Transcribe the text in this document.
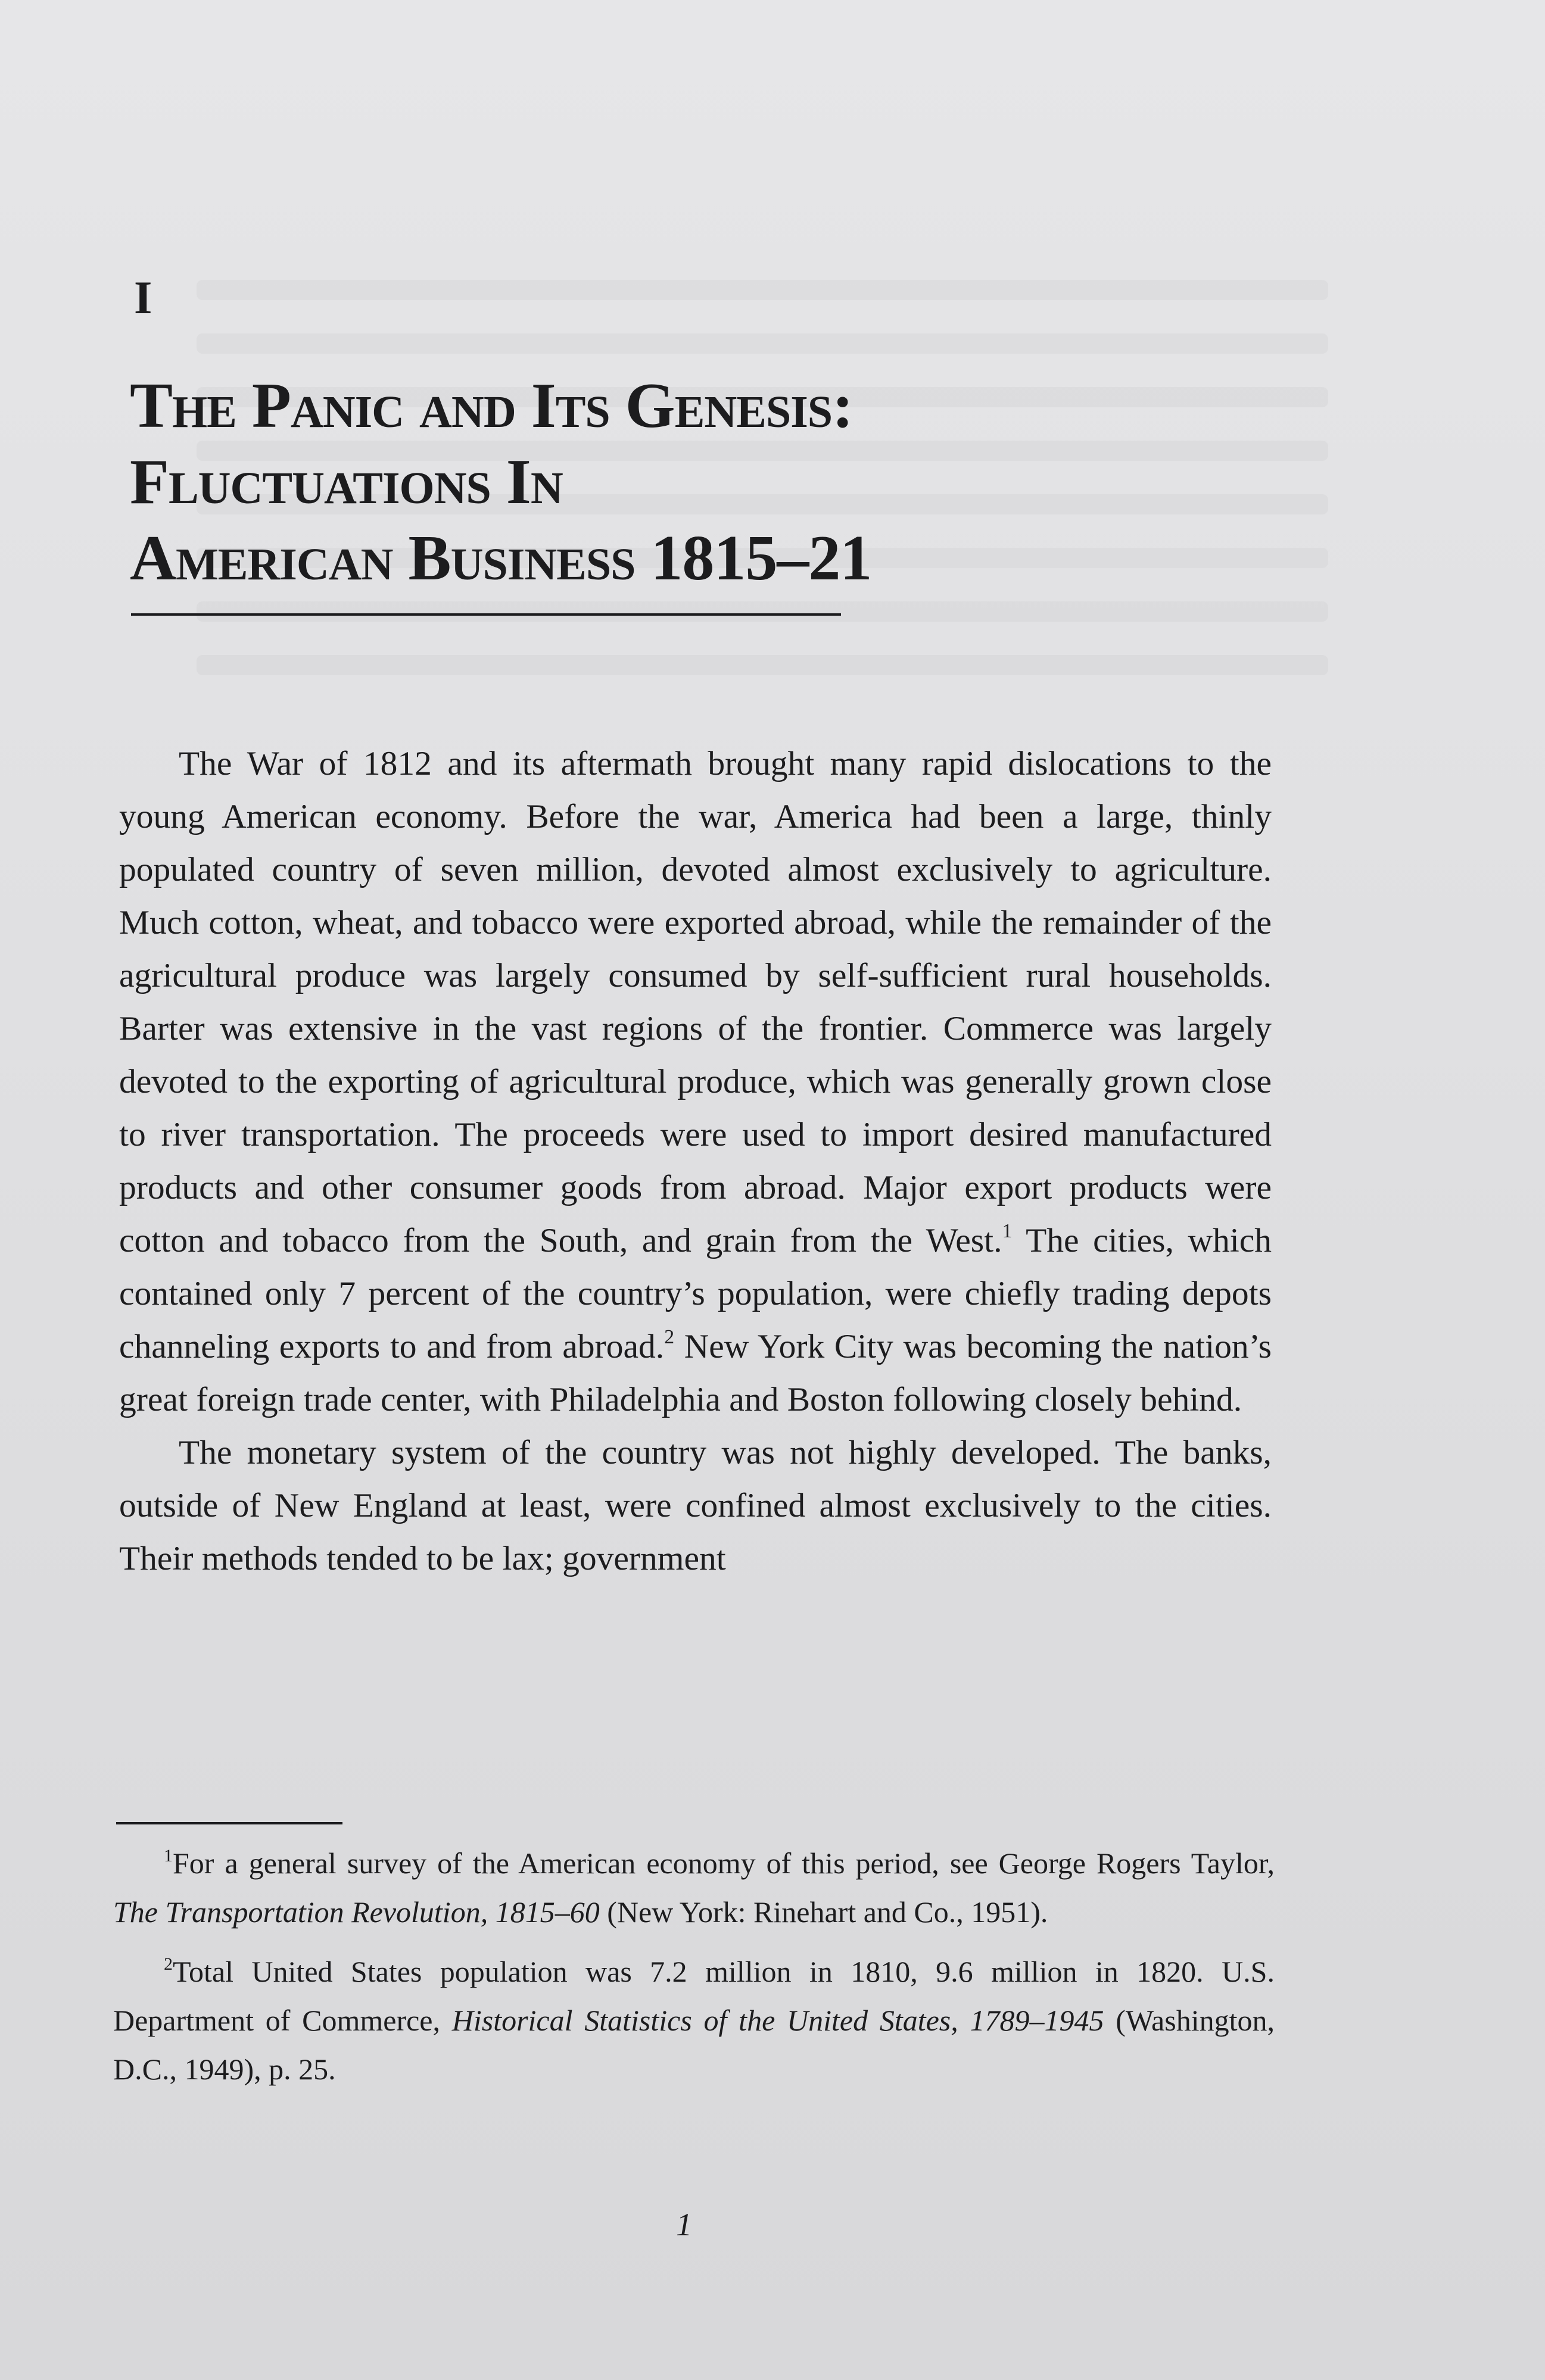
I
The Panic and Its Genesis:
Fluctuations In
American Business 1815–21

The War of 1812 and its aftermath brought many rapid dislocations to the young American economy. Before the war, America had been a large, thinly populated country of seven million, devoted almost exclusively to agriculture. Much cotton, wheat, and tobacco were exported abroad, while the remainder of the agricultural produce was largely consumed by self-sufficient rural households. Barter was extensive in the vast regions of the frontier. Commerce was largely devoted to the exporting of agricultural produce, which was generally grown close to river transportation. The proceeds were used to import desired manufactured products and other consumer goods from abroad. Major export products were cotton and tobacco from the South, and grain from the West.$^1$ The cities, which contained only 7 percent of the country’s population, were chiefly trading depots channeling exports to and from abroad.$^2$ New York City was becoming the nation’s great foreign trade center, with Philadelphia and Boston following closely behind.

The monetary system of the country was not highly developed. The banks, outside of New England at least, were confined almost exclusively to the cities. Their methods tended to be lax; government

$^1$For a general survey of the American economy of this period, see George Rogers Taylor, The Transportation Revolution, 1815–60 (New York: Rinehart and Co., 1951).

$^2$Total United States population was 7.2 million in 1810, 9.6 million in 1820. U.S. Department of Commerce, Historical Statistics of the United States, 1789–1945 (Washington, D.C., 1949), p. 25.

1
